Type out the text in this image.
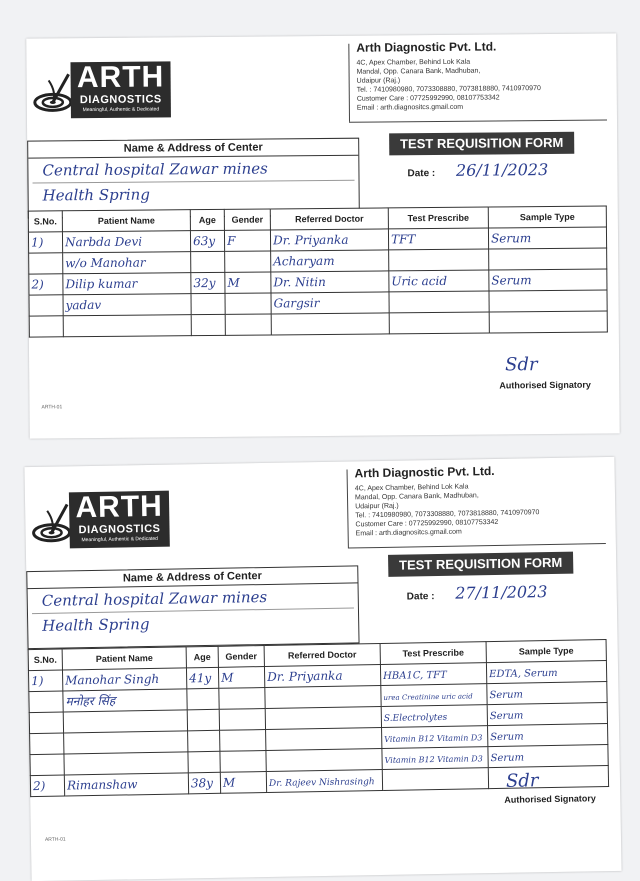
ARTH
DIAGNOSTICS
Meaningful, Authentic & Dedicated
Arth Diagnostic Pvt. Ltd.
4C, Apex Chamber, Behind Lok Kala
Mandal, Opp. Canara Bank, Madhuban,
Udaipur (Raj.)
Tel. : 7410980980, 7073308880, 7073818880, 7410970970
Customer Care : 07725992990, 08107753342
Email : arth.diagnositcs.gmail.com
Name & Address of Center
Central hospital Zawar mines
Health Spring
TEST REQUISITION FORM
Date : 26/11/2023
S.No.	Patient Name	Age	Gender	Referred Doctor	Test Prescribe	Sample Type
1)	Narbda Devi	63y	F	Dr. Priyanka	TFT	Serum
	w/o Manohar			Acharyam		
2)	Dilip kumar	32y	M	Dr. Nitin	Uric acid	Serum
	yadav			Gargsir		

Sdr
Authorised Signatory
ARTH-01
ARTH
DIAGNOSTICS
Meaningful, Authentic & Dedicated
Arth Diagnostic Pvt. Ltd.
4C, Apex Chamber, Behind Lok Kala
Mandal, Opp. Canara Bank, Madhuban,
Udaipur (Raj.)
Tel. : 7410980980, 7073308880, 7073818880, 7410970970
Customer Care : 07725992990, 08107753342
Email : arth.diagnositcs.gmail.com
Name & Address of Center
Central hospital Zawar mines
Health Spring
TEST REQUISITION FORM
Date : 27/11/2023
S.No.	Patient Name	Age	Gender	Referred Doctor	Test Prescribe	Sample Type
1)	Manohar Singh	41y	M	Dr. Priyanka	HBA1C, TFT	EDTA, Serum
	मनोहर सिंह				urea Creatinine uric acid	Serum
					S.Electrolytes	Serum
					Vitamin B12 Vitamin D3	Serum
					Vitamin B12 Vitamin D3	Serum
2)	Rimanshaw	38y	M	Dr. Rajeev Nishrasingh			Sdr
Authorised Signatory
ARTH-01
